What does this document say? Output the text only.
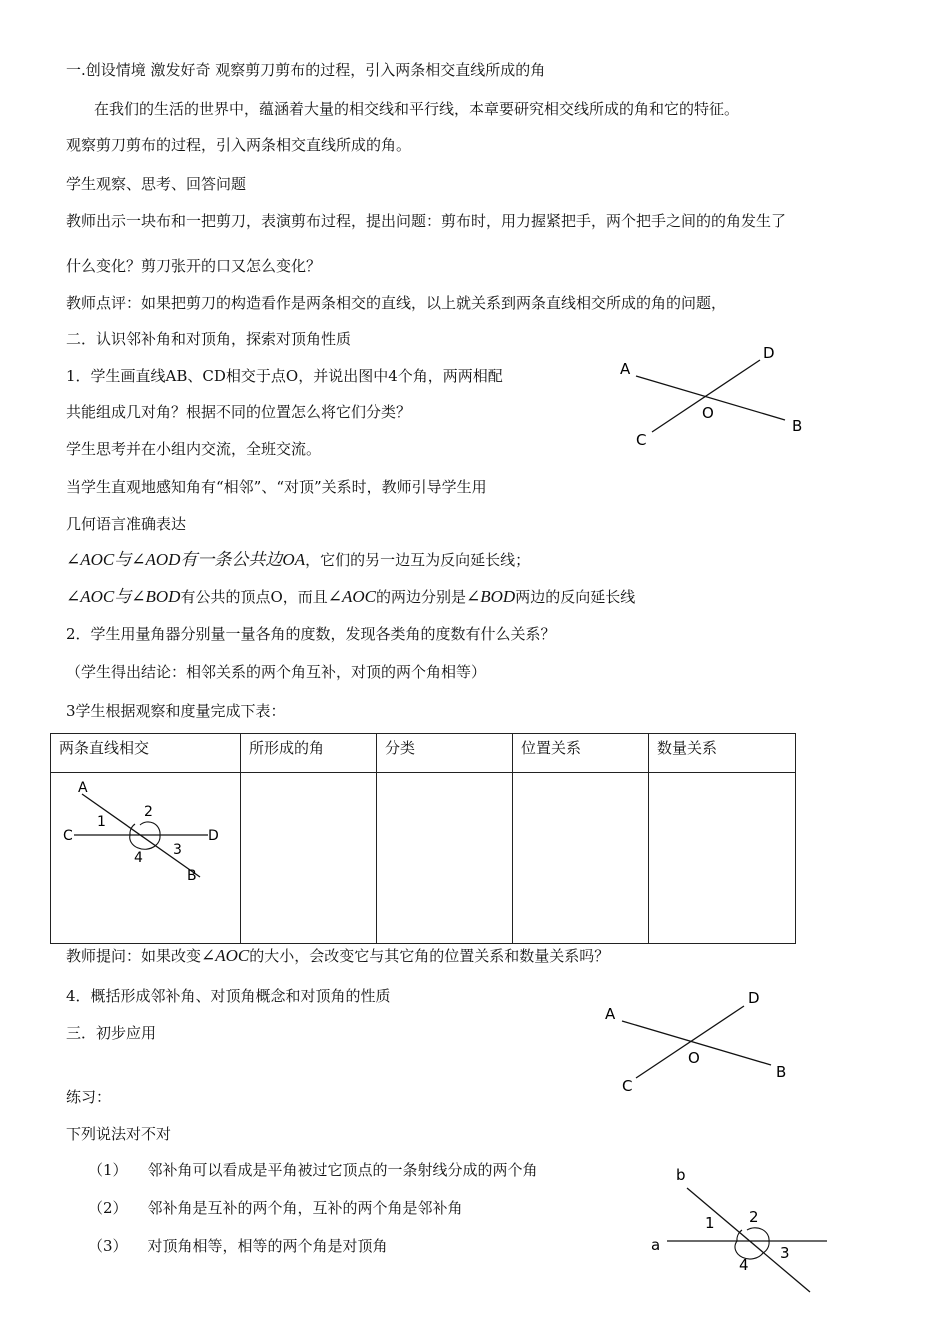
一.创设情境 激发好奇 观察剪刀剪布的过程，引入两条相交直线所成的角
在我们的生活的世界中，蕴涵着大量的相交线和平行线，本章要研究相交线所成的角和它的特征。
观察剪刀剪布的过程，引入两条相交直线所成的角。
学生观察、思考、回答问题
教师出示一块布和一把剪刀，表演剪布过程，提出问题：剪布时，用力握紧把手，两个把手之间的的角发生了
什么变化？剪刀张开的口又怎么变化？
教师点评：如果把剪刀的构造看作是两条相交的直线，以上就关系到两条直线相交所成的角的问题，
二．认识邻补角和对顶角，探索对顶角性质
1．学生画直线AB、CD相交于点O，并说出图中4个角，两两相配
共能组成几对角？根据不同的位置怎么将它们分类？
学生思考并在小组内交流，全班交流。
当学生直观地感知角有“相邻”、“对顶”关系时，教师引导学生用
几何语言准确表达
∠AOC与∠AOD有一条公共边OA，它们的另一边互为反向延长线；
∠AOC与∠BOD有公共的顶点O，而且∠AOC的两边分别是∠BOD两边的反向延长线
2．学生用量角器分别量一量各角的度数，发现各类角的度数有什么关系？
（学生得出结论：相邻关系的两个角互补，对顶的两个角相等）
3学生根据观察和度量完成下表：
两条直线相交	所形成的角	分类	位置关系	数量关系

A
C	D
B
1
2
3
4
教师提问：如果改变∠AOC的大小，会改变它与其它角的位置关系和数量关系吗？
4．概括形成邻补角、对顶角概念和对顶角的性质
三．初步应用
练习：
下列说法对不对
（1） 邻补角可以看成是平角被过它顶点的一条射线分成的两个角
（2） 邻补角是互补的两个角，互补的两个角是邻补角
（3） 对顶角相等，相等的两个角是对顶角
A
D
O
B
C
A
D
O
B
C
b
a
1 2
3
4
